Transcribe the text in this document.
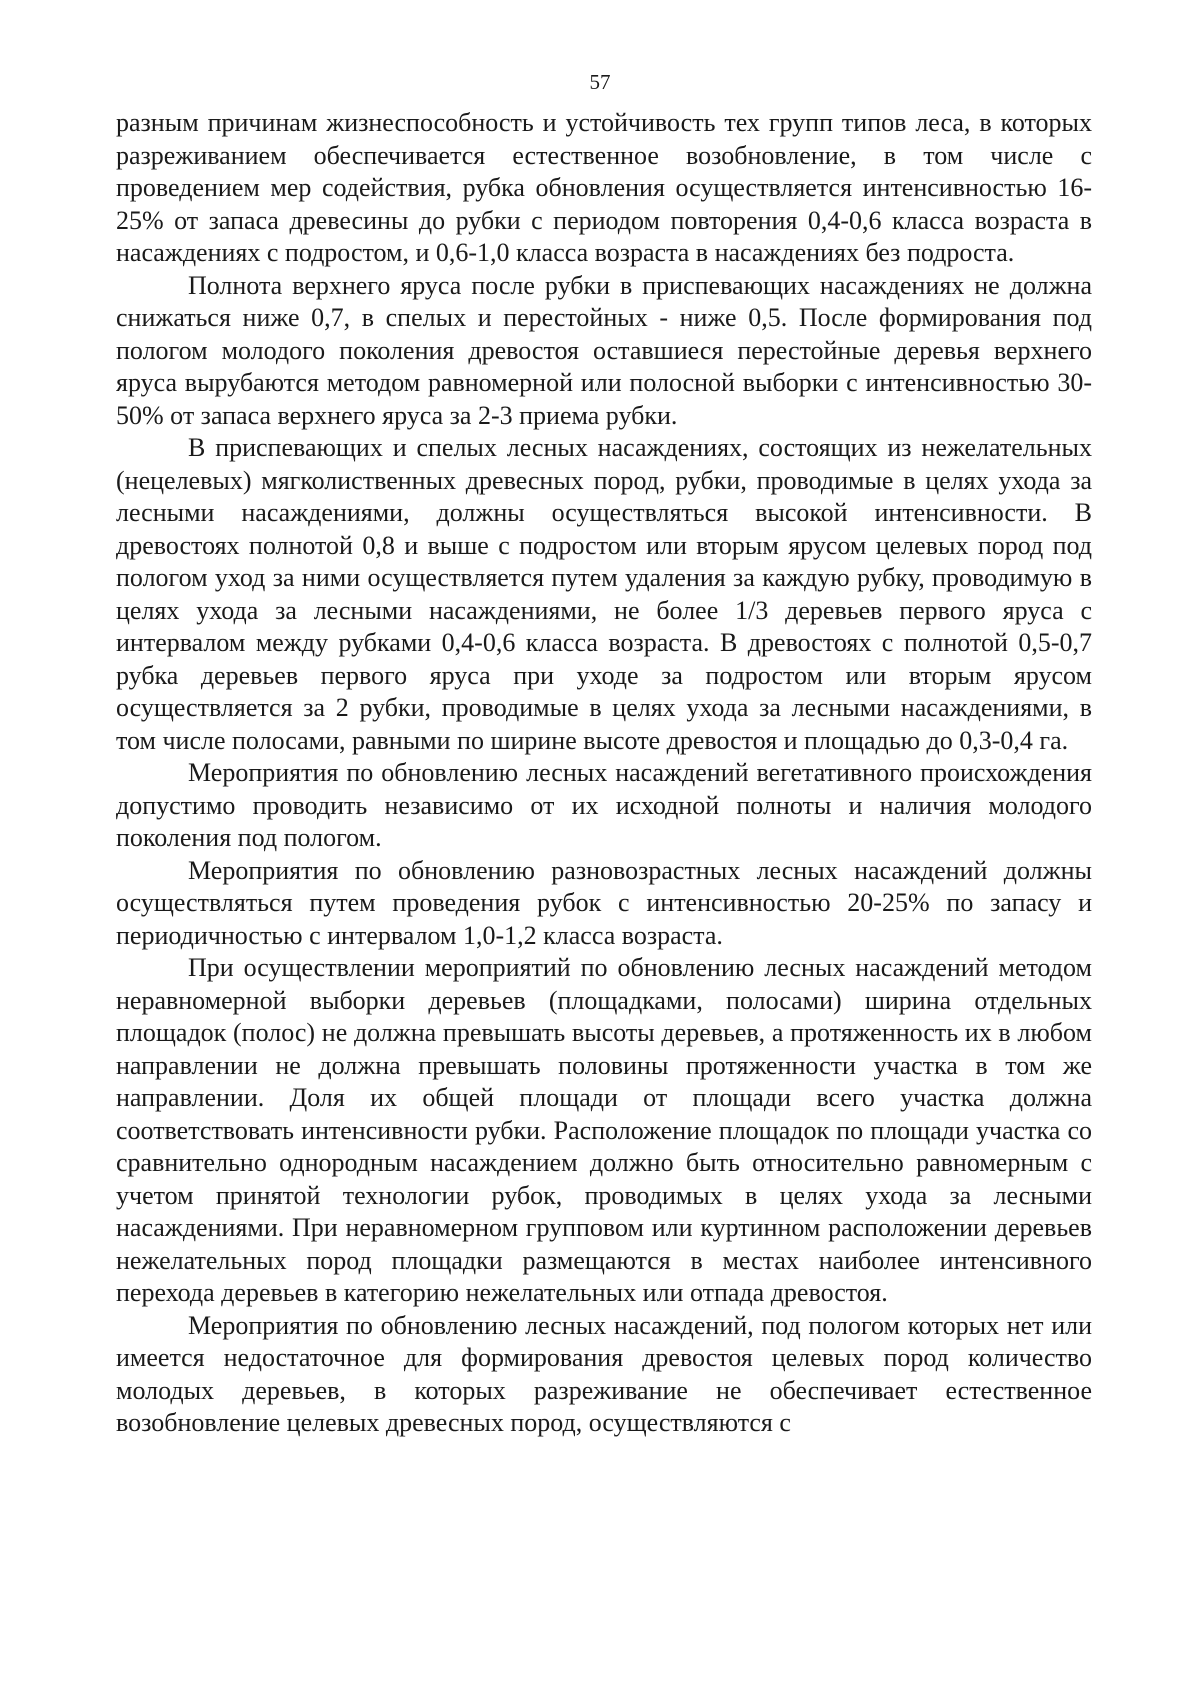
57

разным причинам жизнеспособность и устойчивость тех групп типов леса, в которых разреживанием обеспечивается естественное возобновление, в том числе с проведением мер содействия, рубка обновления осуществляется интенсивностью 16-25% от запаса древесины до рубки с периодом повторения 0,4-0,6 класса возраста в насаждениях с подростом, и 0,6-1,0 класса возраста в насаждениях без подроста.

Полнота верхнего яруса после рубки в приспевающих насаждениях не должна снижаться ниже 0,7, в спелых и перестойных - ниже 0,5. После формирования под пологом молодого поколения древостоя оставшиеся перестойные деревья верхнего яруса вырубаются методом равномерной или полосной выборки с интенсивностью 30-50% от запаса верхнего яруса за 2-3 приема рубки.

В приспевающих и спелых лесных насаждениях, состоящих из нежелательных (нецелевых) мягколиственных древесных пород, рубки, проводимые в целях ухода за лесными насаждениями, должны осуществляться высокой интенсивности. В древостоях полнотой 0,8 и выше с подростом или вторым ярусом целевых пород под пологом уход за ними осуществляется путем удаления за каждую рубку, проводимую в целях ухода за лесными насаждениями, не более 1/3 деревьев первого яруса с интервалом между рубками 0,4-0,6 класса возраста. В древостоях с полнотой 0,5-0,7 рубка деревьев первого яруса при уходе за подростом или вторым ярусом осуществляется за 2 рубки, проводимые в целях ухода за лесными насаждениями, в том числе полосами, равными по ширине высоте древостоя и площадью до 0,3-0,4 га.

Мероприятия по обновлению лесных насаждений вегетативного происхождения допустимо проводить независимо от их исходной полноты и наличия молодого поколения под пологом.

Мероприятия по обновлению разновозрастных лесных насаждений должны осуществляться путем проведения рубок с интенсивностью 20-25% по запасу и периодичностью с интервалом 1,0-1,2 класса возраста.

При осуществлении мероприятий по обновлению лесных насаждений методом неравномерной выборки деревьев (площадками, полосами) ширина отдельных площадок (полос) не должна превышать высоты деревьев, а протяженность их в любом направлении не должна превышать половины протяженности участка в том же направлении. Доля их общей площади от площади всего участка должна соответствовать интенсивности рубки. Расположение площадок по площади участка со сравнительно однородным насаждением должно быть относительно равномерным с учетом принятой технологии рубок, проводимых в целях ухода за лесными насаждениями. При неравномерном групповом или куртинном расположении деревьев нежелательных пород площадки размещаются в местах наиболее интенсивного перехода деревьев в категорию нежелательных или отпада древостоя.

Мероприятия по обновлению лесных насаждений, под пологом которых нет или имеется недостаточное для формирования древостоя целевых пород количество молодых деревьев, в которых разреживание не обеспечивает естественное возобновление целевых древесных пород, осуществляются с
